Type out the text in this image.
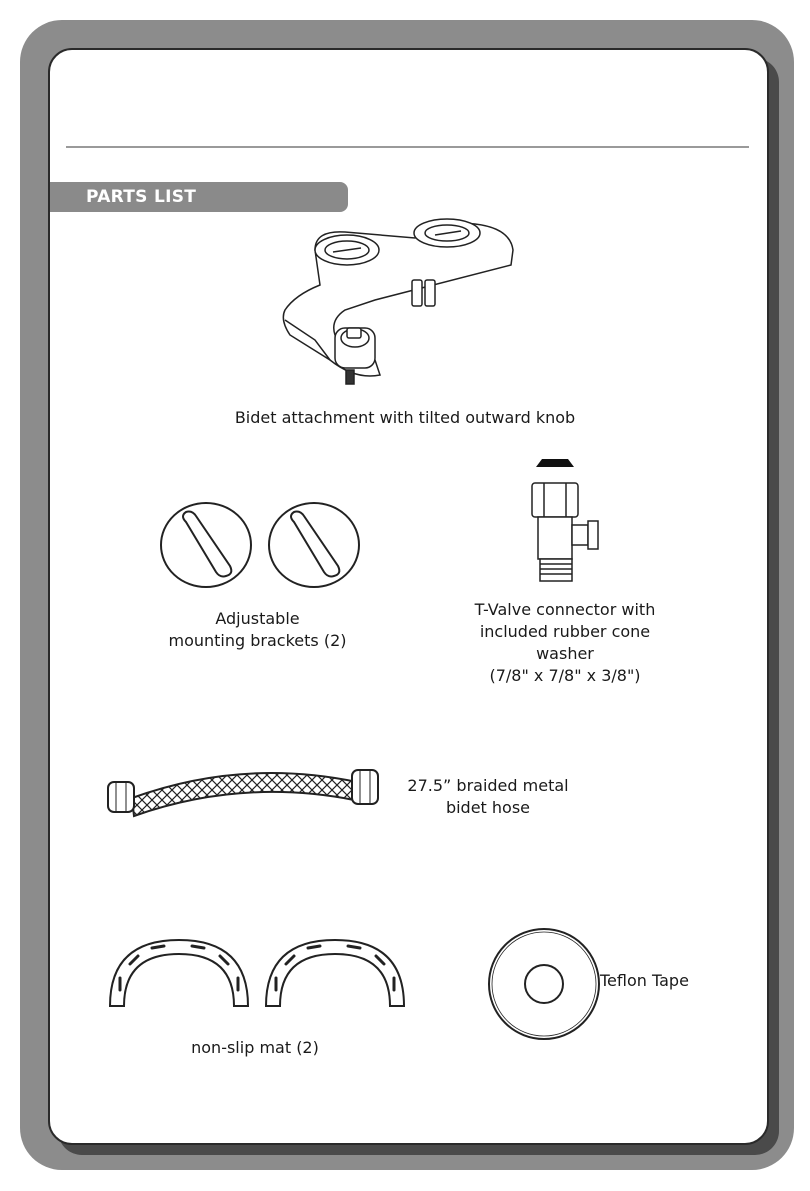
PARTS LIST
Bidet attachment with tilted outward knob
Adjustable
mounting brackets (2)
T-Valve connector with
included rubber cone
washer
(7/8" x 7/8" x 3/8")
27.5” braided metal
bidet hose
non-slip mat (2)
Teflon Tape
